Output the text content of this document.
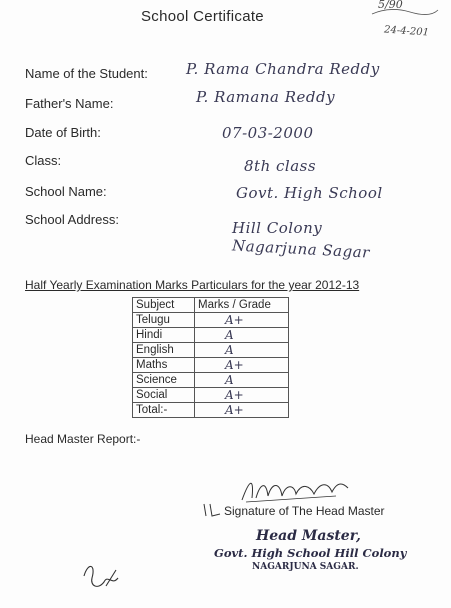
School Certificate
5/90
24-4-201
Name of the Student:	P. Rama Chandra Reddy
Father's Name:	P. Ramana Reddy
Date of Birth:	07-03-2000
Class:	8th class
School Name:	Govt. High School
School Address:	Hill Colony
Nagarjuna Sagar
Half Yearly Examination Marks Particulars for the year 2012-13
Subject	Marks / Grade
Telugu	A+
Hindi	A
English	A
Maths	A+
Science	A
Social	A+
Total:-	A+
Head Master Report:-
Signature of The Head Master
Head Master,
Govt. High School Hill Colony
NAGARJUNA SAGAR.
